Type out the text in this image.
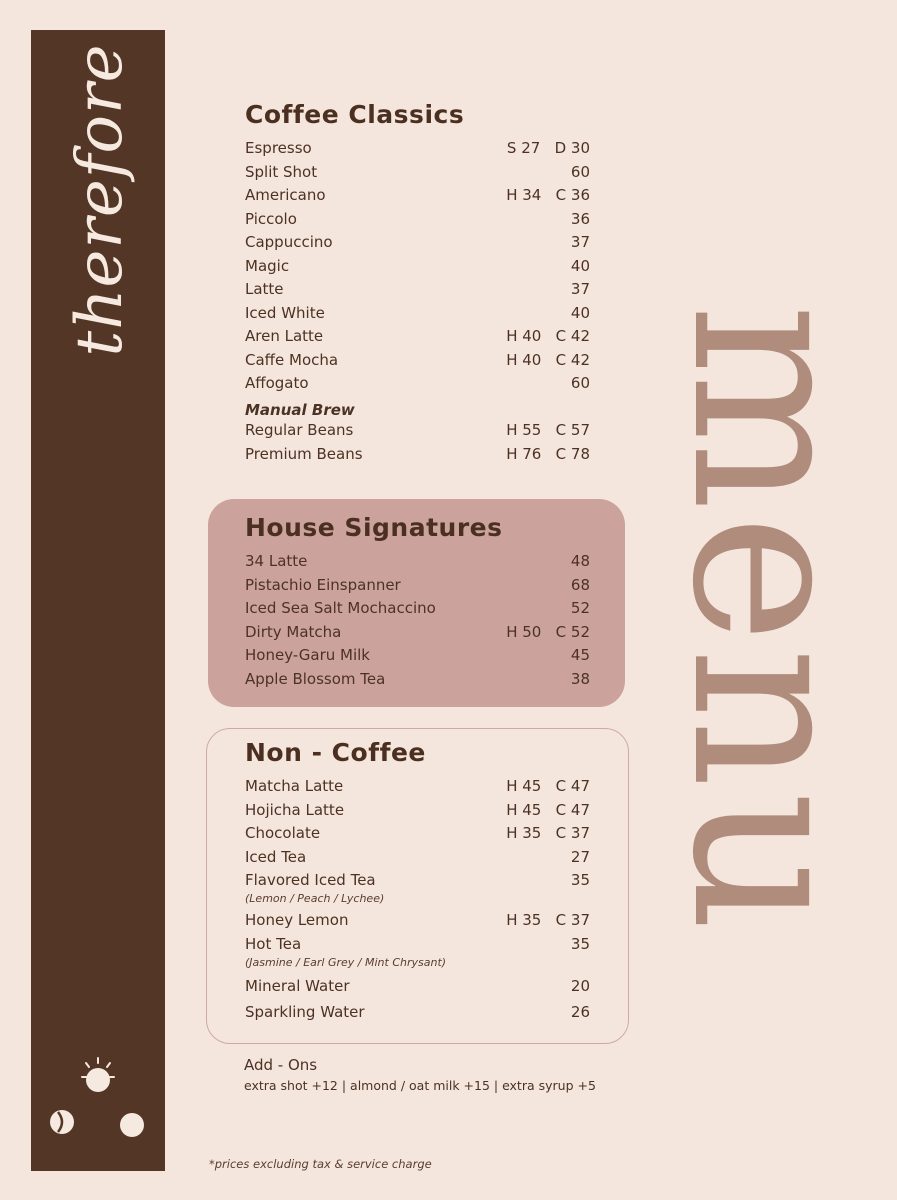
therefore
menu
Coffee Classics
Espresso	S 27   D 30
Split Shot	60
Americano	H 34   C 36
Piccolo	36
Cappuccino	37
Magic	40
Latte	37
Iced White	40
Aren Latte	H 40   C 42
Caffe Mocha	H 40   C 42
Affogato	60
Manual Brew
Regular Beans	H 55   C 57
Premium Beans	H 76   C 78
House Signatures
34 Latte	48
Pistachio Einspanner	68
Iced Sea Salt Mochaccino	52
Dirty Matcha	H 50   C 52
Honey-Garu Milk	45
Apple Blossom Tea	38
Non - Coffee
Matcha Latte	H 45   C 47
Hojicha Latte	H 45   C 47
Chocolate	H 35   C 37
Iced Tea	27
Flavored Iced Tea	35
(Lemon / Peach / Lychee)
Honey Lemon	H 35   C 37
Hot Tea	35
(Jasmine / Earl Grey / Mint Chrysant)
Mineral Water	20
Sparkling Water	26
Add - Ons
extra shot +12 | almond / oat milk +15 | extra syrup +5
*prices excluding tax & service charge
